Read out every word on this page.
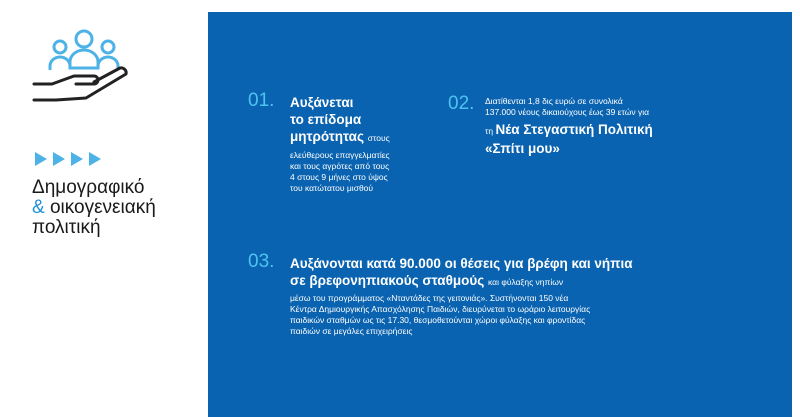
Δημογραφικό
& οικογενειακή
πολιτική
01. Αυξάνεται
το επίδομα
μητρότητας στους
ελεύθερους επαγγελματίες
και τους αγρότες από τους
4 στους 9 μήνες στο ύψος
του κατώτατου μισθού
02. Διατίθενται 1,8 δις ευρώ σε συνολικά
137.000 νέους δικαιούχους έως 39 ετών για
τη Νέα Στεγαστική Πολιτική
«Σπίτι μου»
03. Αυξάνονται κατά 90.000 οι θέσεις για βρέφη και νήπια
σε βρεφονηπιακούς σταθμούς και φύλαξης νηπίων
μέσω του προγράμματος «Νταντάδες της γειτονιάς». Συστήνονται 150 νέα
Κέντρα Δημιουργικής Απασχόλησης Παιδιών, διευρύνεται το ωράριο λειτουργίας
παιδικών σταθμών ως τις 17.30, θεσμοθετούνται χώροι φύλαξης και φροντίδας
παιδιών σε μεγάλες επιχειρήσεις
